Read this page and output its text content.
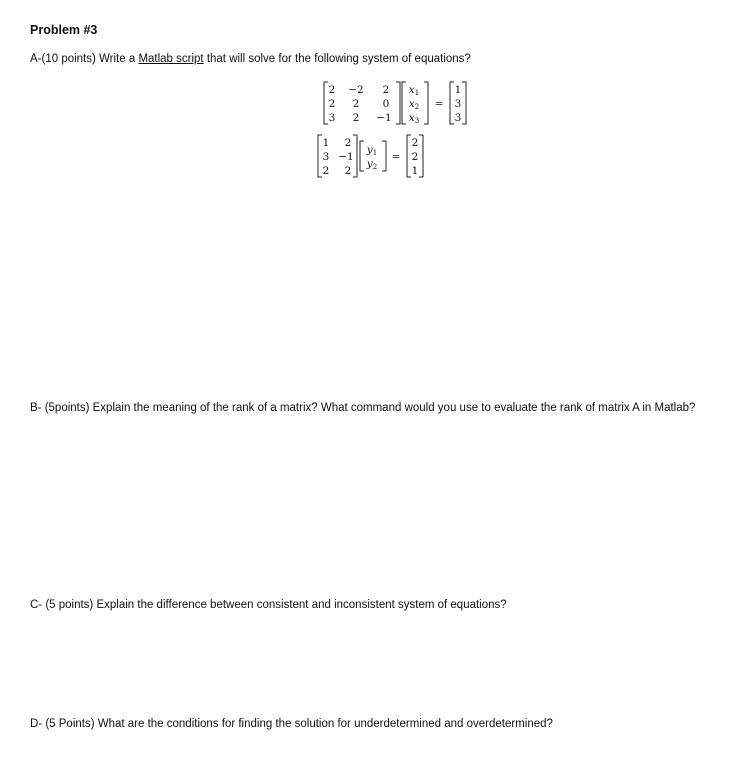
Problem #3
A-(10 points) Write a Matlab script that will solve for the following system of equations?
2 −2 2
2 2 0
3 2 −1
x1
x2
x3
=
1
3
3
1 2
3 −1
2 2
y1
y2
=
2
2
1
B- (5points) Explain the meaning of the rank of a matrix? What command would you use to evaluate the rank of matrix A in Matlab?
C- (5 points) Explain the difference between consistent and inconsistent system of equations?
D- (5 Points) What are the conditions for finding the solution for underdetermined and overdetermined?
